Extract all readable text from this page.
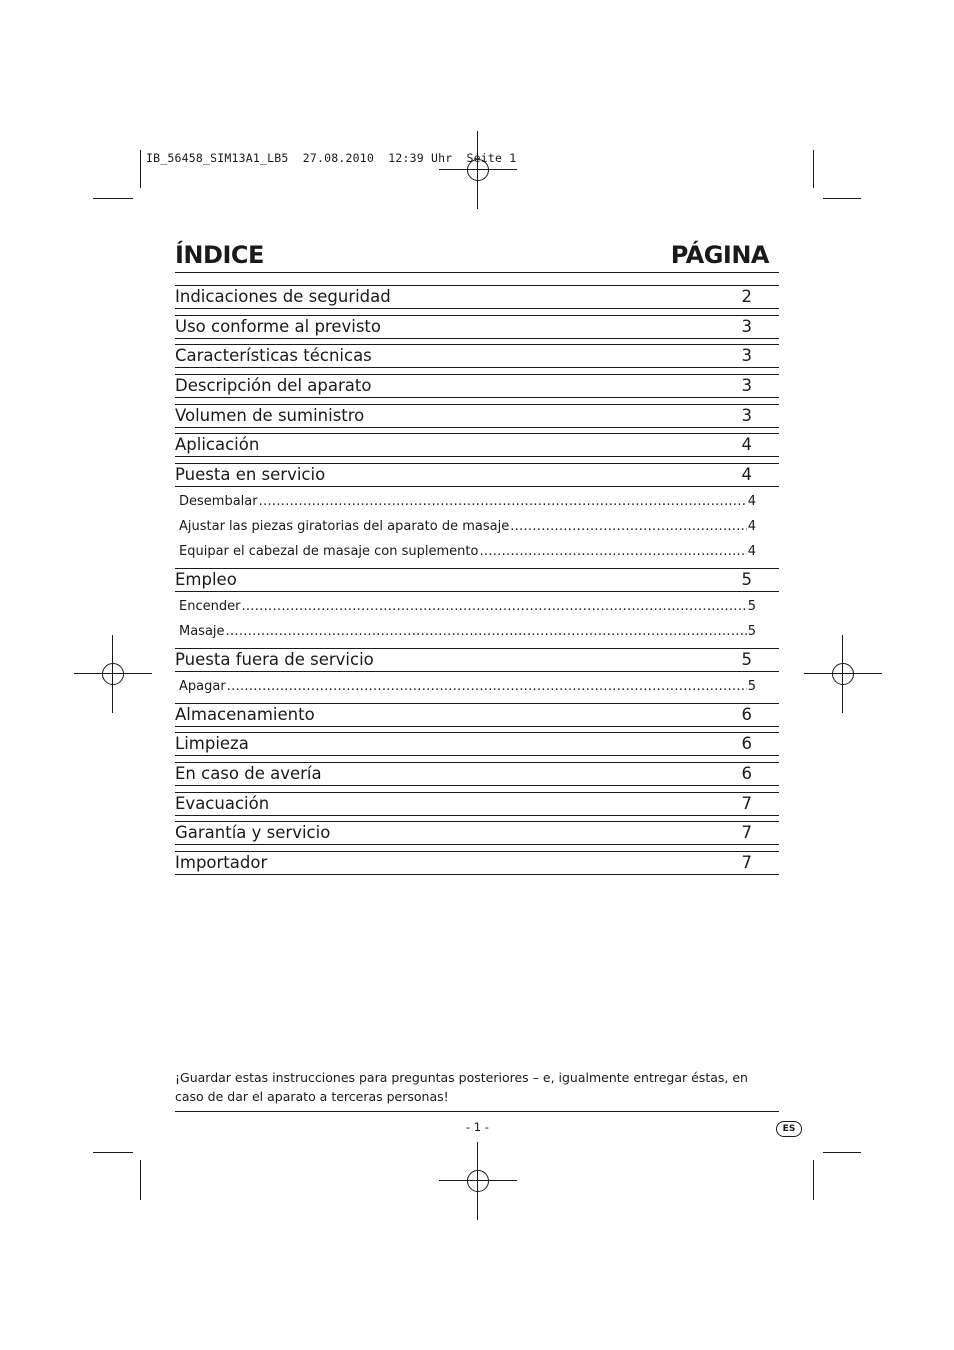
IB_56458_SIM13A1_LB5  27.08.2010  12:39 Uhr  Seite 1
ÍNDICE	PÁGINA
Indicaciones de seguridad	2
Uso conforme al previsto	3
Características técnicas	3
Descripción del aparato	3
Volumen de suministro	3
Aplicación	4
Puesta en servicio	4
Desembalar .....	4
Ajustar las piezas giratorias del aparato de masaje .....	4
Equipar el cabezal de masaje con suplemento .....	4
Empleo	5
Encender .....	5
Masaje .....	5
Puesta fuera de servicio	5
Apagar .....	5
Almacenamiento	6
Limpieza	6
En caso de avería	6
Evacuación	7
Garantía y servicio	7
Importador	7
¡Guardar estas instrucciones para preguntas posteriores – e, igualmente entregar éstas, en caso de dar el aparato a terceras personas!
- 1 -	ES
